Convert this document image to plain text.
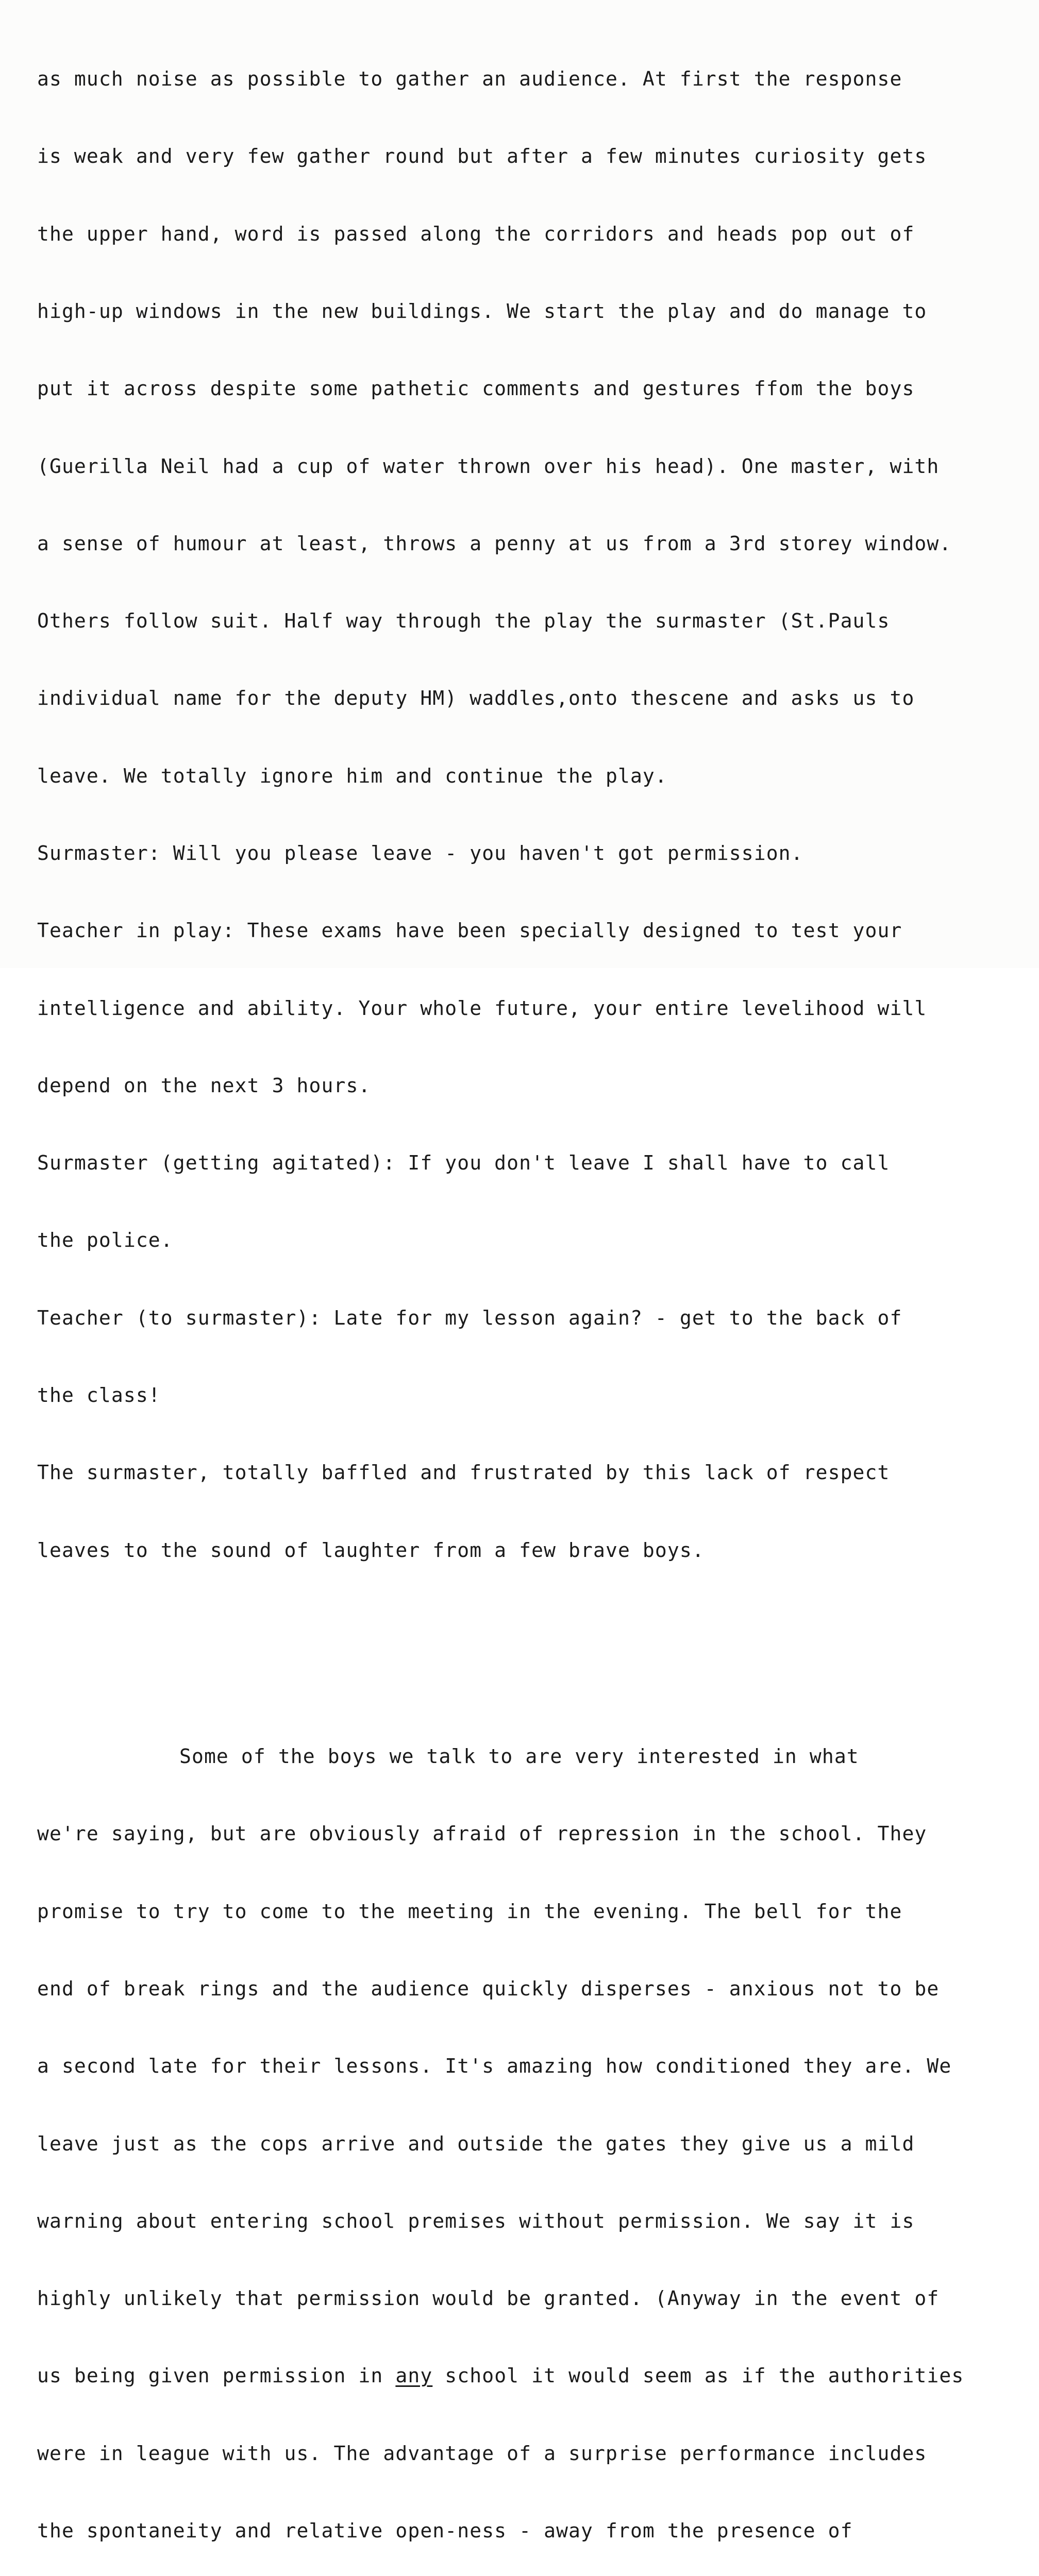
as much noise as possible to gather an audience. At first the response

is weak and very few gather round but after a few minutes curiosity gets

the upper hand, word is passed along the corridors and heads pop out of

high-up windows in the new buildings. We start the play and do manage to

put it across despite some pathetic comments and gestures ffom the boys

(Guerilla Neil had a cup of water thrown over his head). One master, with

a sense of humour at least, throws a penny at us from a 3rd storey window.

Others follow suit. Half way through the play the surmaster (St.Pauls

individual name for the deputy HM) waddles,onto thescene and asks us to

leave. We totally ignore him and continue the play.

Surmaster: Will you please leave - you haven't got permission.

Teacher in play: These exams have been specially designed to test your

intelligence and ability. Your whole future, your entire levelihood will

depend on the next 3 hours.

Surmaster (getting agitated): If you don't leave I shall have to call

the police.

Teacher (to surmaster): Late for my lesson again? - get to the back of

the class!

The surmaster, totally baffled and frustrated by this lack of respect

leaves to the sound of laughter from a few brave boys.

Some of the boys we talk to are very interested in what

we're saying, but are obviously afraid of repression in the school. They

promise to try to come to the meeting in the evening. The bell for the

end of break rings and the audience quickly disperses - anxious not to be

a second late for their lessons. It's amazing how conditioned they are. We

leave just as the cops arrive and outside the gates they give us a mild

warning about entering school premises without permission. We say it is

highly unlikely that permission would be granted. (Anyway in the event of

us being given permission in any school it would seem as if the authorities

were in league with us. The advantage of a surprise performance includes

the spontaneity and relative open-ness - away from the presence of
